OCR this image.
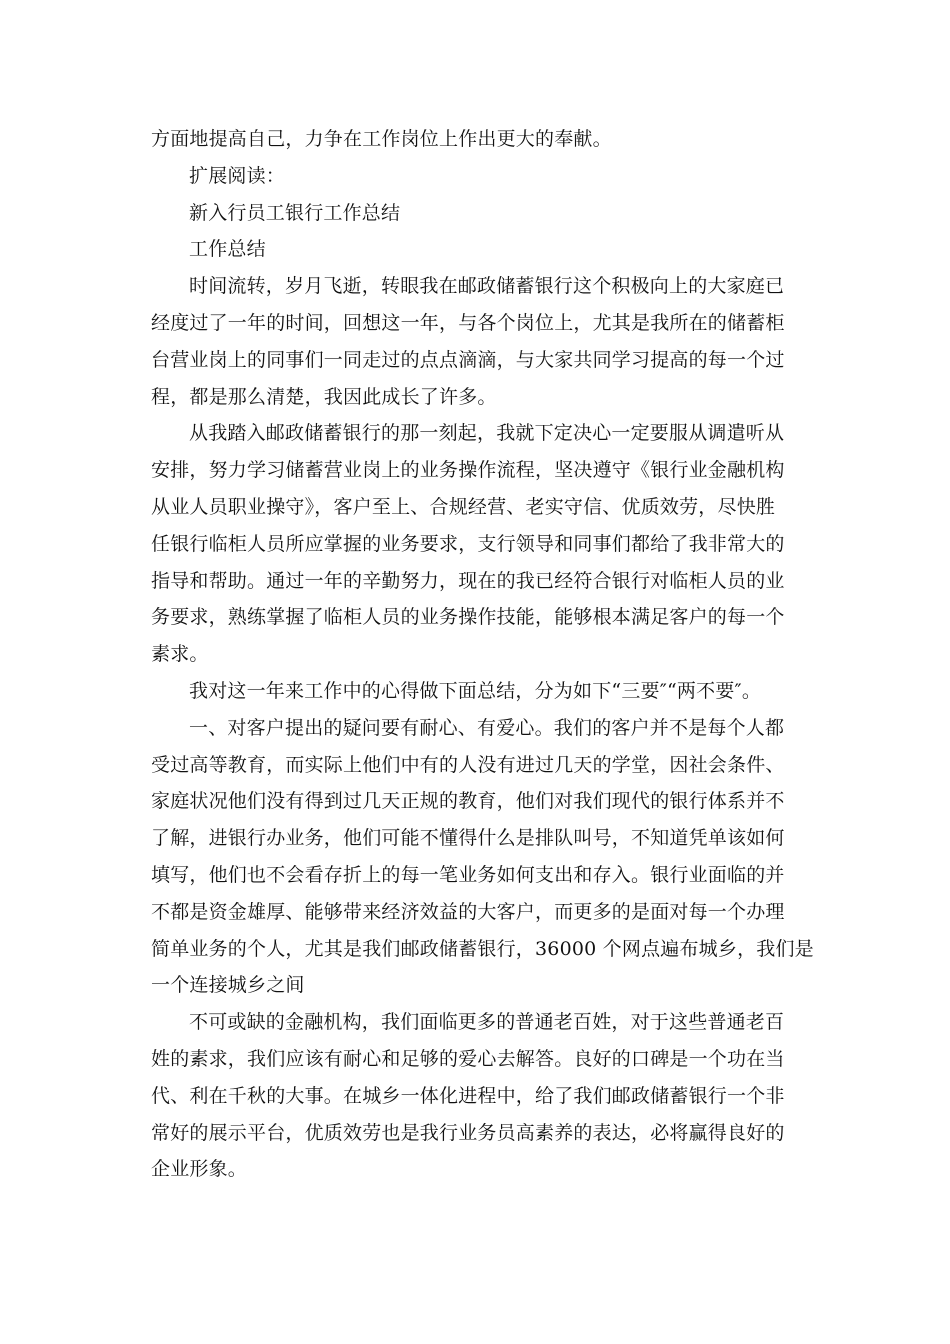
方面地提高自己，力争在工作岗位上作出更大的奉献。
扩展阅读：
新入行员工银行工作总结
工作总结
时间流转，岁月飞逝，转眼我在邮政储蓄银行这个积极向上的大家庭已
经度过了一年的时间，回想这一年，与各个岗位上，尤其是我所在的储蓄柜
台营业岗上的同事们一同走过的点点滴滴，与大家共同学习提高的每一个过
程，都是那么清楚，我因此成长了许多。
从我踏入邮政储蓄银行的那一刻起，我就下定决心一定要服从调遣听从
安排，努力学习储蓄营业岗上的业务操作流程，坚决遵守《银行业金融机构
从业人员职业操守》，客户至上、合规经营、老实守信、优质效劳，尽快胜
任银行临柜人员所应掌握的业务要求，支行领导和同事们都给了我非常大的
指导和帮助。通过一年的辛勤努力，现在的我已经符合银行对临柜人员的业
务要求，熟练掌握了临柜人员的业务操作技能，能够根本满足客户的每一个
素求。
我对这一年来工作中的心得做下面总结，分为如下“三要″“两不要″。
一、对客户提出的疑问要有耐心、有爱心。我们的客户并不是每个人都
受过高等教育，而实际上他们中有的人没有进过几天的学堂，因社会条件、
家庭状况他们没有得到过几天正规的教育，他们对我们现代的银行体系并不
了解，进银行办业务，他们可能不懂得什么是排队叫号，不知道凭单该如何
填写，他们也不会看存折上的每一笔业务如何支出和存入。银行业面临的并
不都是资金雄厚、能够带来经济效益的大客户，而更多的是面对每一个办理
简单业务的个人，尤其是我们邮政储蓄银行，36000 个网点遍布城乡，我们是
一个连接城乡之间
不可或缺的金融机构，我们面临更多的普通老百姓，对于这些普通老百
姓的素求，我们应该有耐心和足够的爱心去解答。良好的口碑是一个功在当
代、利在千秋的大事。在城乡一体化进程中，给了我们邮政储蓄银行一个非
常好的展示平台，优质效劳也是我行业务员高素养的表达，必将赢得良好的
企业形象。
